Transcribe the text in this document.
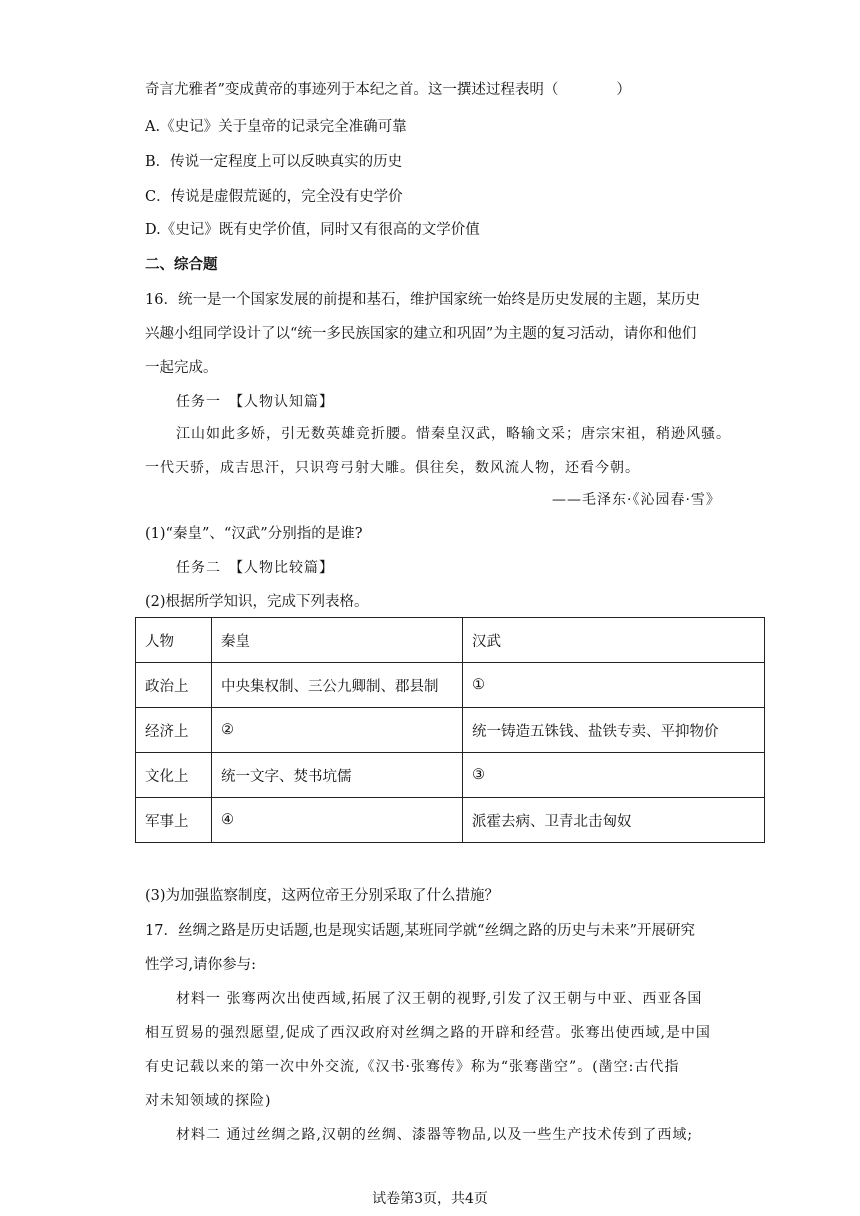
奇言尤雅者”变成黄帝的事迹列于本纪之首。这一撰述过程表明（	）
A.《史记》关于皇帝的记录完全准确可靠
B．传说一定程度上可以反映真实的历史
C．传说是虚假荒诞的，完全没有史学价
D.《史记》既有史学价值，同时又有很高的文学价值
二、综合题
16．统一是一个国家发展的前提和基石，维护国家统一始终是历史发展的主题，某历史
兴趣小组同学设计了以“统一多民族国家的建立和巩固”为主题的复习活动，请你和他们
一起完成。
任务一　【人物认知篇】
江山如此多娇，引无数英雄竞折腰。惜秦皇汉武，略输文采；唐宗宋祖，稍逊风骚。
一代天骄，成吉思汗，只识弯弓射大雕。俱往矣，数风流人物，还看今朝。
——毛泽东·《沁园春·雪》
(1)“秦皇”、“汉武”分别指的是谁?
任务二　【人物比较篇】
(2)根据所学知识，完成下列表格。
人物	秦皇	汉武
政治上	中央集权制、三公九卿制、郡县制	①
经济上	②	统一铸造五铢钱、盐铁专卖、平抑物价
文化上	统一文字、焚书坑儒	③
军事上	④	派霍去病、卫青北击匈奴
(3)为加强监察制度，这两位帝王分别采取了什么措施？
17．丝绸之路是历史话题,也是现实话题,某班同学就“丝绸之路的历史与未来”开展研究
性学习,请你参与:
材料一 张骞两次出使西域,拓展了汉王朝的视野,引发了汉王朝与中亚、西亚各国
相互贸易的强烈愿望,促成了西汉政府对丝绸之路的开辟和经营。张骞出使西域,是中国
有史记载以来的第一次中外交流,《汉书·张骞传》称为“张骞凿空”。(凿空:古代指
对未知领域的探险)
材料二 通过丝绸之路,汉朝的丝绸、漆器等物品,以及一些生产技术传到了西域;
试卷第3页，共4页
